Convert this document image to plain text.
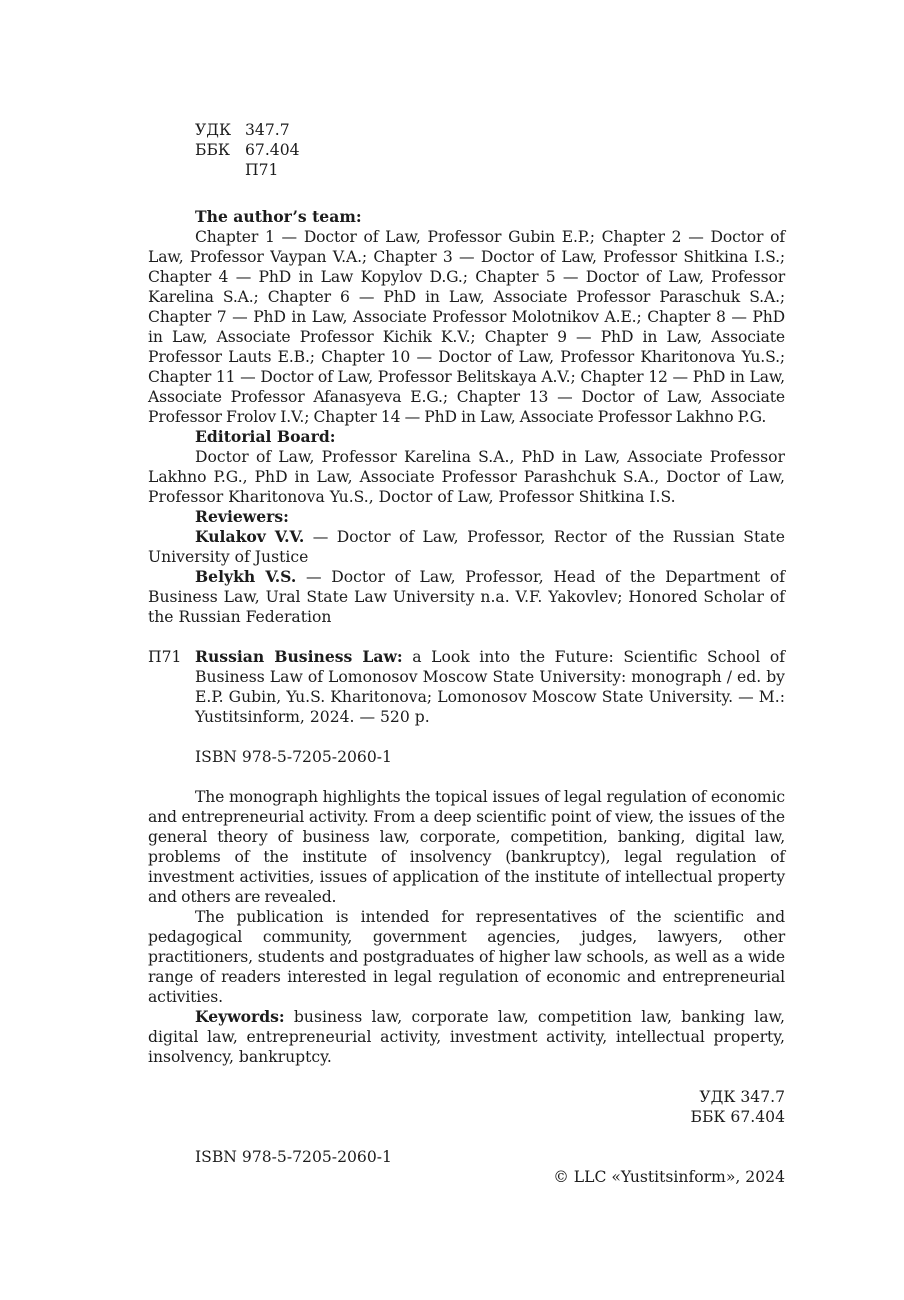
УДК 347.7
ББК 67.404
П71
The author’s team:

Chapter 1 — Doctor of Law, Professor Gubin E.P.; Chapter 2 — Doctor of Law, Professor Vaypan V.A.; Chapter 3 — Doctor of Law, Professor Shitkina I.S.; Chapter 4 — PhD in Law Kopylov D.G.; Chapter 5 — Doctor of Law, Professor Karelina S.A.; Chapter 6 — PhD in Law, Associate Professor Paraschuk S.A.; Chapter 7 — PhD in Law, Associate Professor Molotnikov A.E.; Chapter 8 — PhD in Law, Associate Professor Kichik K.V.; Chapter 9 — PhD in Law, Associate Professor Lauts E.B.; Chapter 10 — Doctor of Law, Professor Kharitonova Yu.S.; Chapter 11 — Doctor of Law, Professor Belitskaya A.V.; Chapter 12 — PhD in Law, Associate Professor Afanasyeva E.G.; Chapter 13 — Doctor of Law, Associate Professor Frolov I.V.; Chapter 14 — PhD in Law, Associate Professor Lakhno P.G.

Editorial Board:

Doctor of Law, Professor Karelina S.A., PhD in Law, Associate Professor Lakhno P.G., PhD in Law, Associate Professor Parashchuk S.A., Doctor of Law, Professor Kharitonova Yu.S., Doctor of Law, Professor Shitkina I.S.

Reviewers:

Kulakov V.V. — Doctor of Law, Professor, Rector of the Russian State University of Justice

Belykh V.S. — Doctor of Law, Professor, Head of the Department of Business Law, Ural State Law University n.a. V.F. Yakovlev; Honored Scholar of the Russian Federation

П71 Russian Business Law: a Look into the Future: Scientific School of Business Law of Lomonosov Moscow State University: monograph / ed. by E.P. Gubin, Yu.S. Kharitonova; Lomonosov Moscow State University. — M.: Yustitsinform, 2024. — 520 p.

ISBN 978-5-7205-2060-1

The monograph highlights the topical issues of legal regulation of economic and entrepreneurial activity. From a deep scientific point of view, the issues of the general theory of business law, corporate, competition, banking, digital law, problems of the institute of insolvency (bankruptcy), legal regulation of investment activities, issues of application of the institute of intellectual property and others are revealed.

The publication is intended for representatives of the scientific and pedagogical community, government agencies, judges, lawyers, other practitioners, students and postgraduates of higher law schools, as well as a wide range of readers interested in legal regulation of economic and entrepreneurial activities.

Keywords: business law, corporate law, competition law, banking law, digital law, entrepreneurial activity, investment activity, intellectual property, insolvency, bankruptcy.

УДК 347.7
ББК 67.404

ISBN 978-5-7205-2060-1

© LLC «Yustitsinform», 2024
